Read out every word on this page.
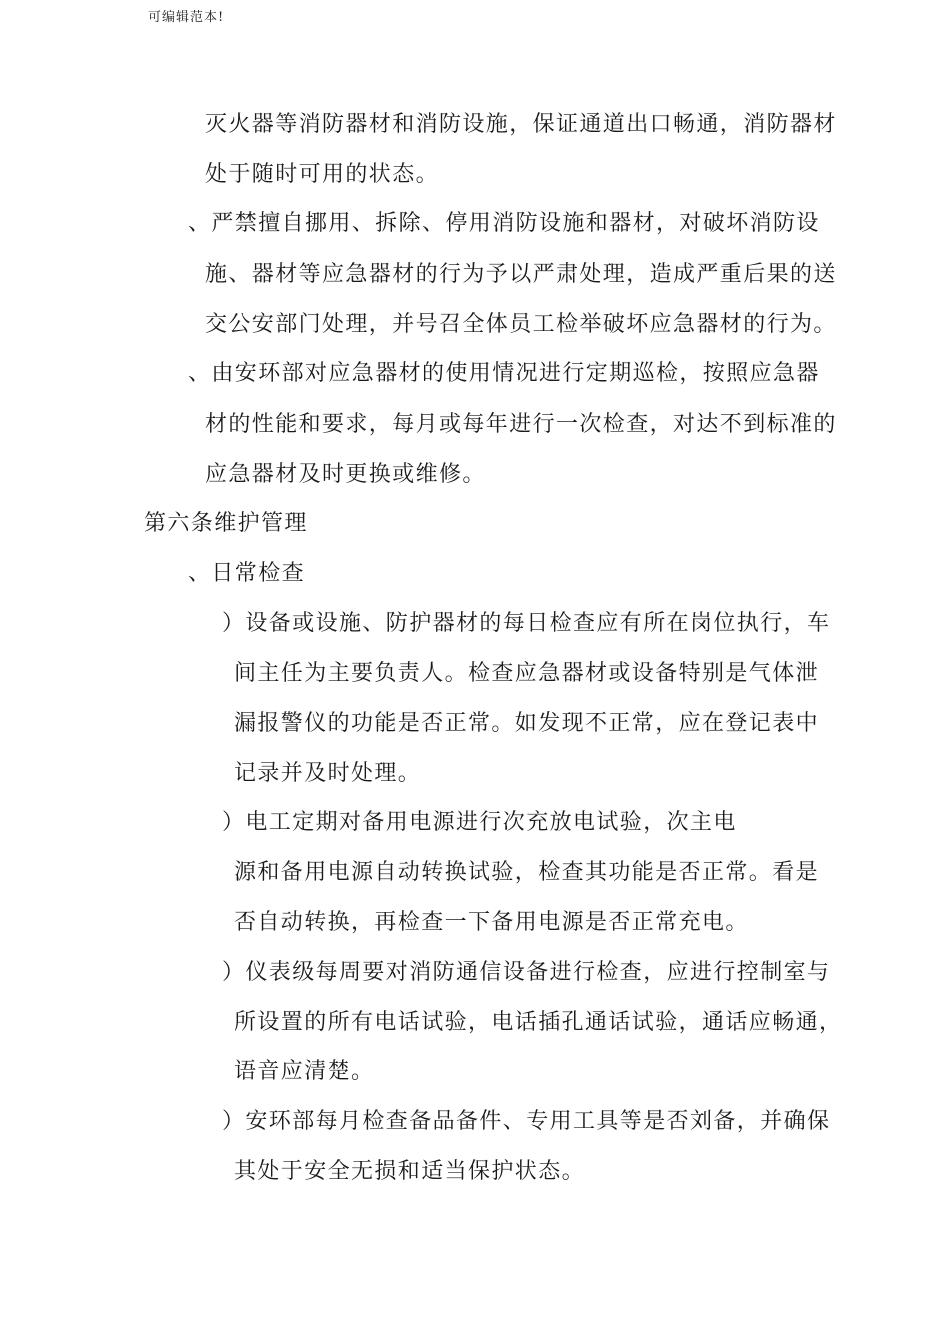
可编辑范本!
灭火器等消防器材和消防设施，保证通道出口畅通，消防器材
处于随时可用的状态。
、严禁擅自挪用、拆除、停用消防设施和器材，对破坏消防设
施、器材等应急器材的行为予以严肃处理，造成严重后果的送
交公安部门处理，并号召全体员工检举破坏应急器材的行为。
、由安环部对应急器材的使用情况进行定期巡检，按照应急器
材的性能和要求，每月或每年进行一次检查，对达不到标准的
应急器材及时更换或维修。
第六条维护管理
、日常检查
）设备或设施、防护器材的每日检查应有所在岗位执行，车
间主任为主要负责人。检查应急器材或设备特别是气体泄
漏报警仪的功能是否正常。如发现不正常，应在登记表中
记录并及时处理。
）电工定期对备用电源进行次充放电试验，次主电
源和备用电源自动转换试验，检查其功能是否正常。看是
否自动转换，再检查一下备用电源是否正常充电。
）仪表级每周要对消防通信设备进行检查，应进行控制室与
所设置的所有电话试验，电话插孔通话试验，通话应畅通，
语音应清楚。
）安环部每月检查备品备件、专用工具等是否刘备，并确保
其处于安全无损和适当保护状态。
